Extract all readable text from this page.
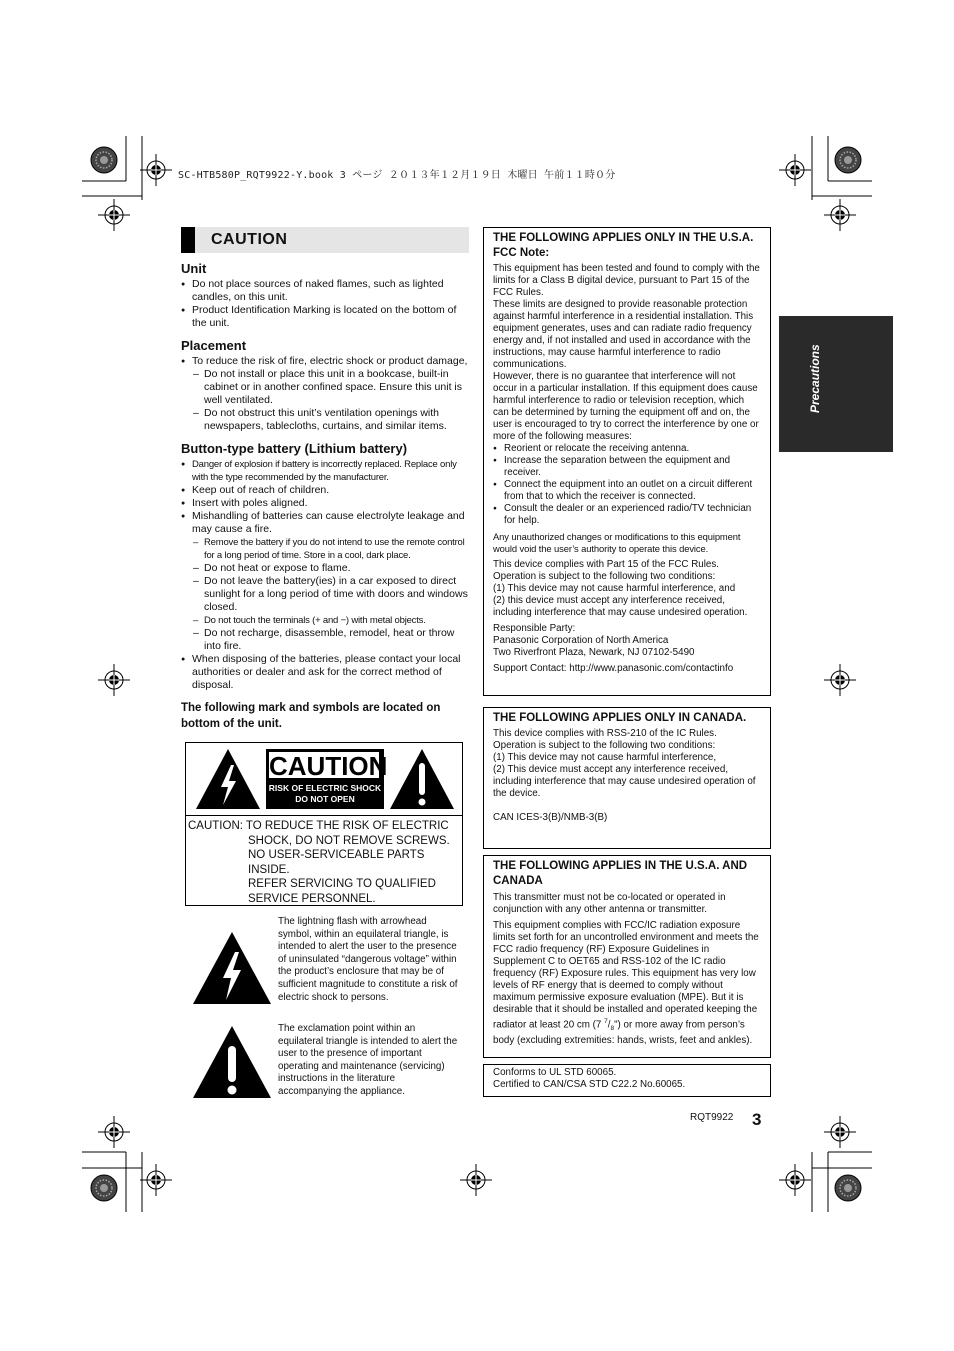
SC-HTB580P_RQT9922-Y.book 3 ページ ２０１３年１２月１９日 木曜日 午前１１時０分
CAUTION
Unit
● Do not place sources of naked flames, such as lighted candles, on this unit.
● Product Identification Marking is located on the bottom of the unit.
Placement
● To reduce the risk of fire, electric shock or product damage,
– Do not install or place this unit in a bookcase, built-in cabinet or in another confined space. Ensure this unit is well ventilated.
– Do not obstruct this unit’s ventilation openings with newspapers, tablecloths, curtains, and similar items.
Button-type battery (Lithium battery)
● Danger of explosion if battery is incorrectly replaced. Replace only with the type recommended by the manufacturer.
● Keep out of reach of children.
● Insert with poles aligned.
● Mishandling of batteries can cause electrolyte leakage and may cause a fire.
– Remove the battery if you do not intend to use the remote control for a long period of time. Store in a cool, dark place.
– Do not heat or expose to flame.
– Do not leave the battery(ies) in a car exposed to direct sunlight for a long period of time with doors and windows closed.
– Do not touch the terminals (+ and −) with metal objects.
– Do not recharge, disassemble, remodel, heat or throw into fire.
● When disposing of the batteries, please contact your local authorities or dealer and ask for the correct method of disposal.
The following mark and symbols are located on bottom of the unit.
CAUTION
RISK OF ELECTRIC SHOCK
DO NOT OPEN
CAUTION: TO REDUCE THE RISK OF ELECTRIC
SHOCK, DO NOT REMOVE SCREWS.
NO USER-SERVICEABLE PARTS
INSIDE.
REFER SERVICING TO QUALIFIED
SERVICE PERSONNEL.
The lightning flash with arrowhead symbol, within an equilateral triangle, is intended to alert the user to the presence of uninsulated “dangerous voltage” within the product’s enclosure that may be of sufficient magnitude to constitute a risk of electric shock to persons.
The exclamation point within an equilateral triangle is intended to alert the user to the presence of important operating and maintenance (servicing) instructions in the literature accompanying the appliance.
THE FOLLOWING APPLIES ONLY IN THE U.S.A.
FCC Note:

This equipment has been tested and found to comply with the limits for a Class B digital device, pursuant to Part 15 of the FCC Rules.

These limits are designed to provide reasonable protection against harmful interference in a residential installation. This equipment generates, uses and can radiate radio frequency energy and, if not installed and used in accordance with the instructions, may cause harmful interference to radio communications.

However, there is no guarantee that interference will not occur in a particular installation. If this equipment does cause harmful interference to radio or television reception, which can be determined by turning the equipment off and on, the user is encouraged to try to correct the interference by one or more of the following measures:

● Reorient or relocate the receiving antenna.
● Increase the separation between the equipment and receiver.
● Connect the equipment into an outlet on a circuit different from that to which the receiver is connected.
● Consult the dealer or an experienced radio/TV technician for help.

Any unauthorized changes or modifications to this equipment would void the user’s authority to operate this device.

This device complies with Part 15 of the FCC Rules.

Operation is subject to the following two conditions:

(1) This device may not cause harmful interference, and

(2) this device must accept any interference received, including interference that may cause undesired operation.

Responsible Party:

Panasonic Corporation of North America

Two Riverfront Plaza, Newark, NJ 07102-5490

Support Contact: http://www.panasonic.com/contactinfo

THE FOLLOWING APPLIES ONLY IN CANADA.

This device complies with RSS-210 of the IC Rules.

Operation is subject to the following two conditions:

(1) This device may not cause harmful interference,

(2) This device must accept any interference received, including interference that may cause undesired operation of the device.

CAN ICES-3(B)/NMB-3(B)

THE FOLLOWING APPLIES IN THE U.S.A. AND CANADA

This transmitter must not be co-located or operated in conjunction with any other antenna or transmitter.

This equipment complies with FCC/IC radiation exposure limits set forth for an uncontrolled environment and meets the FCC radio frequency (RF) Exposure Guidelines in Supplement C to OET65 and RSS-102 of the IC radio frequency (RF) Exposure rules. This equipment has very low levels of RF energy that is deemed to comply without maximum permissive exposure evaluation (MPE). But it is desirable that it should be installed and operated keeping the radiator at least 20 cm (7 $^7/_8$") or more away from person’s body (excluding extremities: hands, wrists, feet and ankles).

Conforms to UL STD 60065.

Certified to CAN/CSA STD C22.2 No.60065.

Precautions
RQT9922 3
